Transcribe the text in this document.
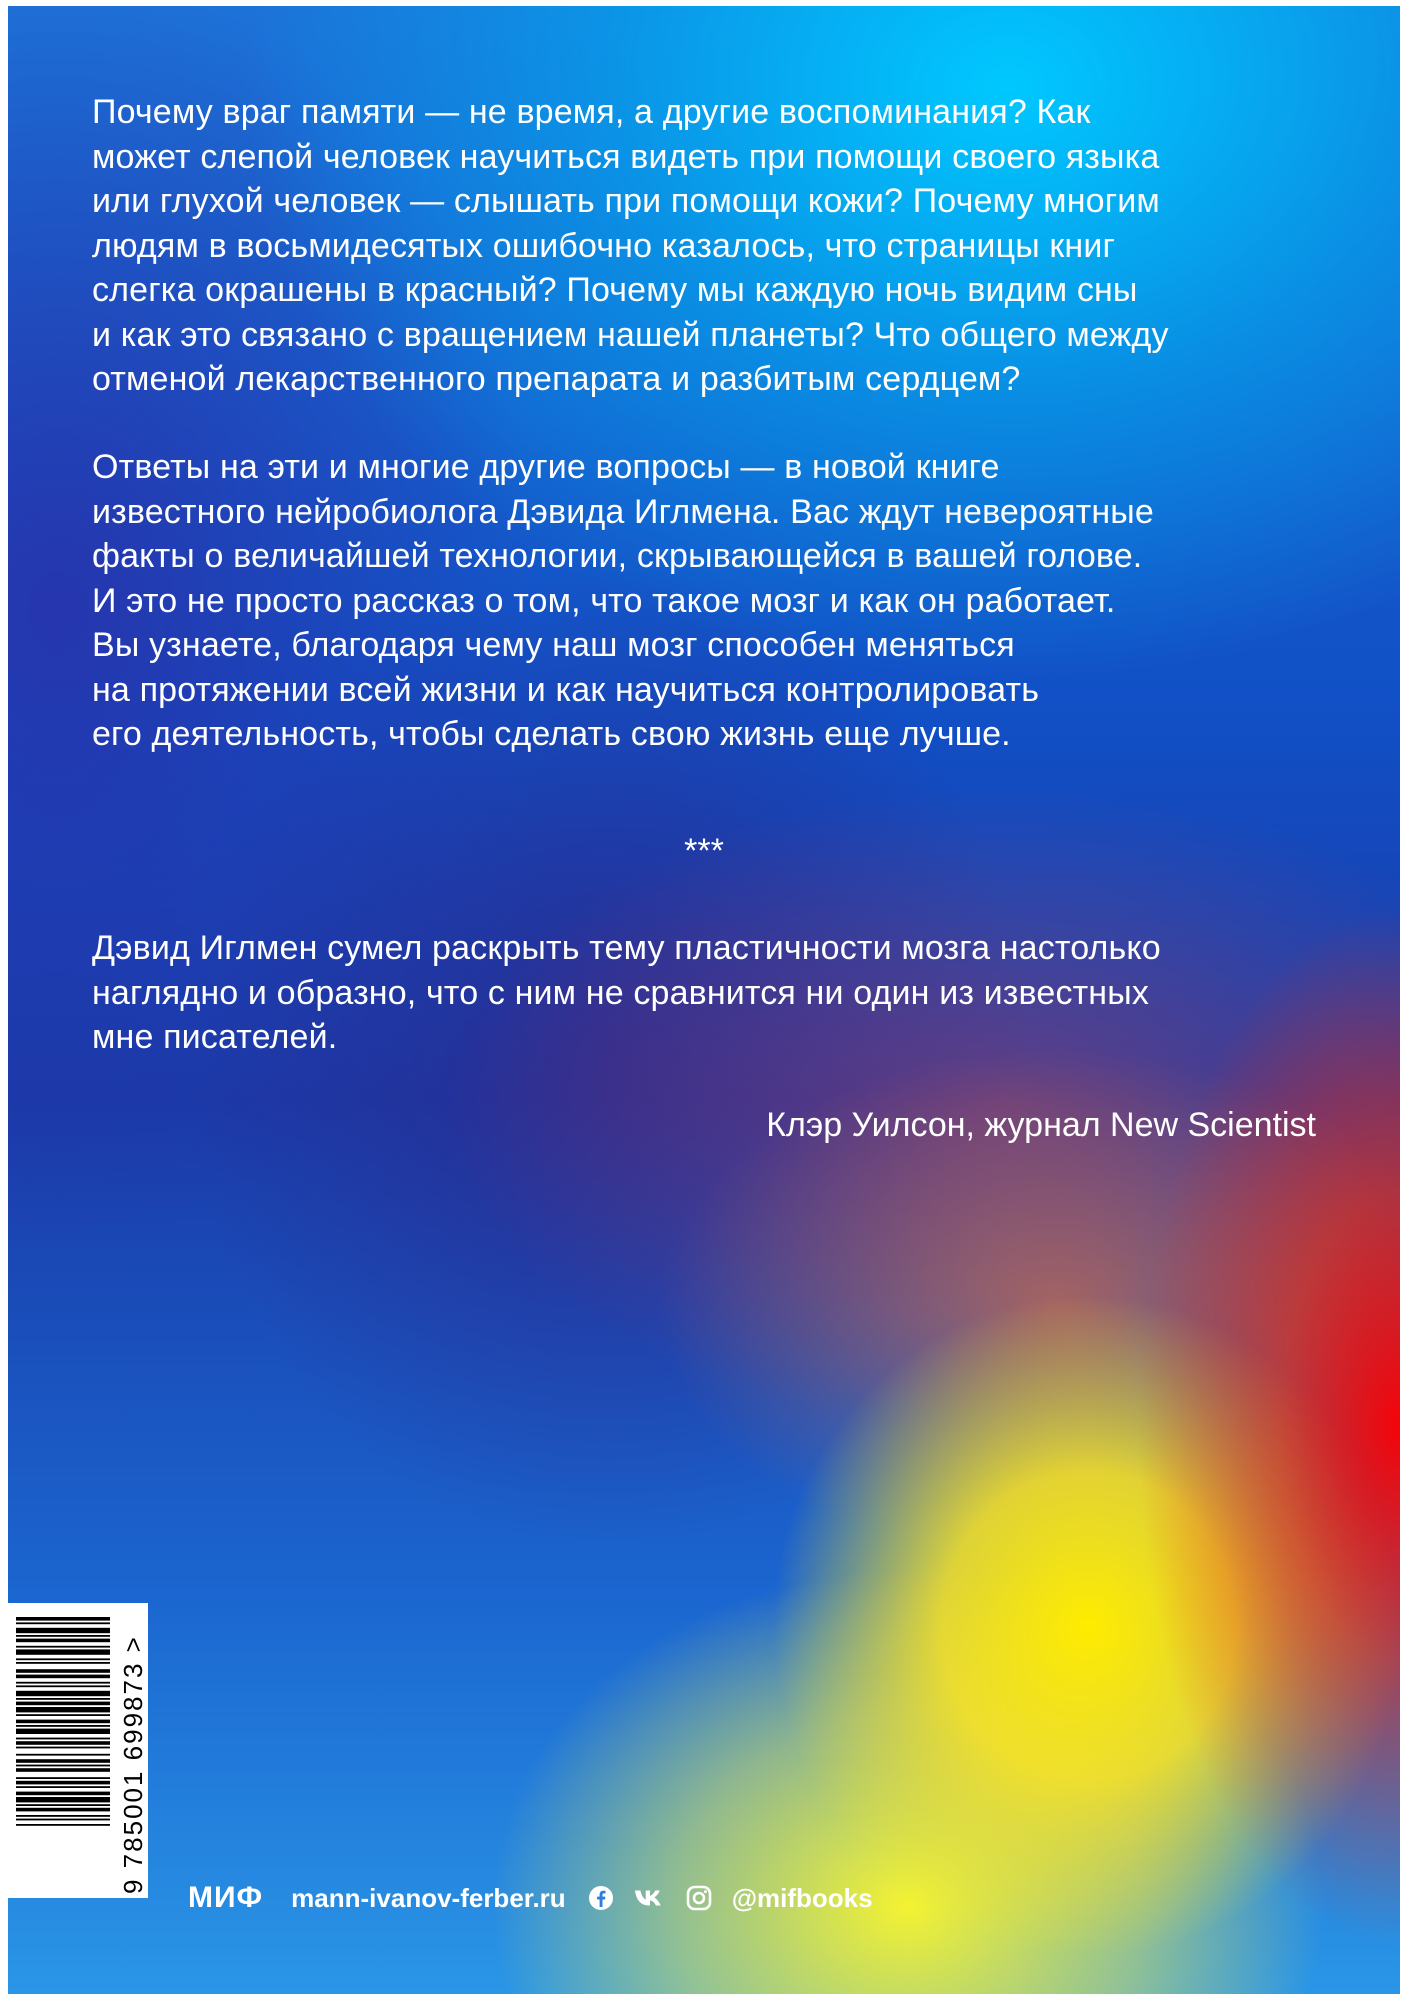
Почему враг памяти — не время, а другие воспоминания? Как
может слепой человек научиться видеть при помощи своего языка
или глухой человек — слышать при помощи кожи? Почему многим
людям в восьмидесятых ошибочно казалось, что страницы книг
слегка окрашены в красный? Почему мы каждую ночь видим сны
и как это связано с вращением нашей планеты? Что общего между
отменой лекарственного препарата и разбитым сердцем?
Ответы на эти и многие другие вопросы — в новой книге
известного нейробиолога Дэвида Иглмена. Вас ждут невероятные
факты о величайшей технологии, скрывающейся в вашей голове.
И это не просто рассказ о том, что такое мозг и как он работает.
Вы узнаете, благодаря чему наш мозг способен меняться
на протяжении всей жизни и как научиться контролировать
его деятельность, чтобы сделать свою жизнь еще лучше.
***
Дэвид Иглмен сумел раскрыть тему пластичности мозга настолько
наглядно и образно, что с ним не сравнится ни один из известных
мне писателей.
Клэр Уилсон, журнал New Scientist
9 785001 699873 >
МИФ mann-ivanov-ferber.ru	@mifbooks
